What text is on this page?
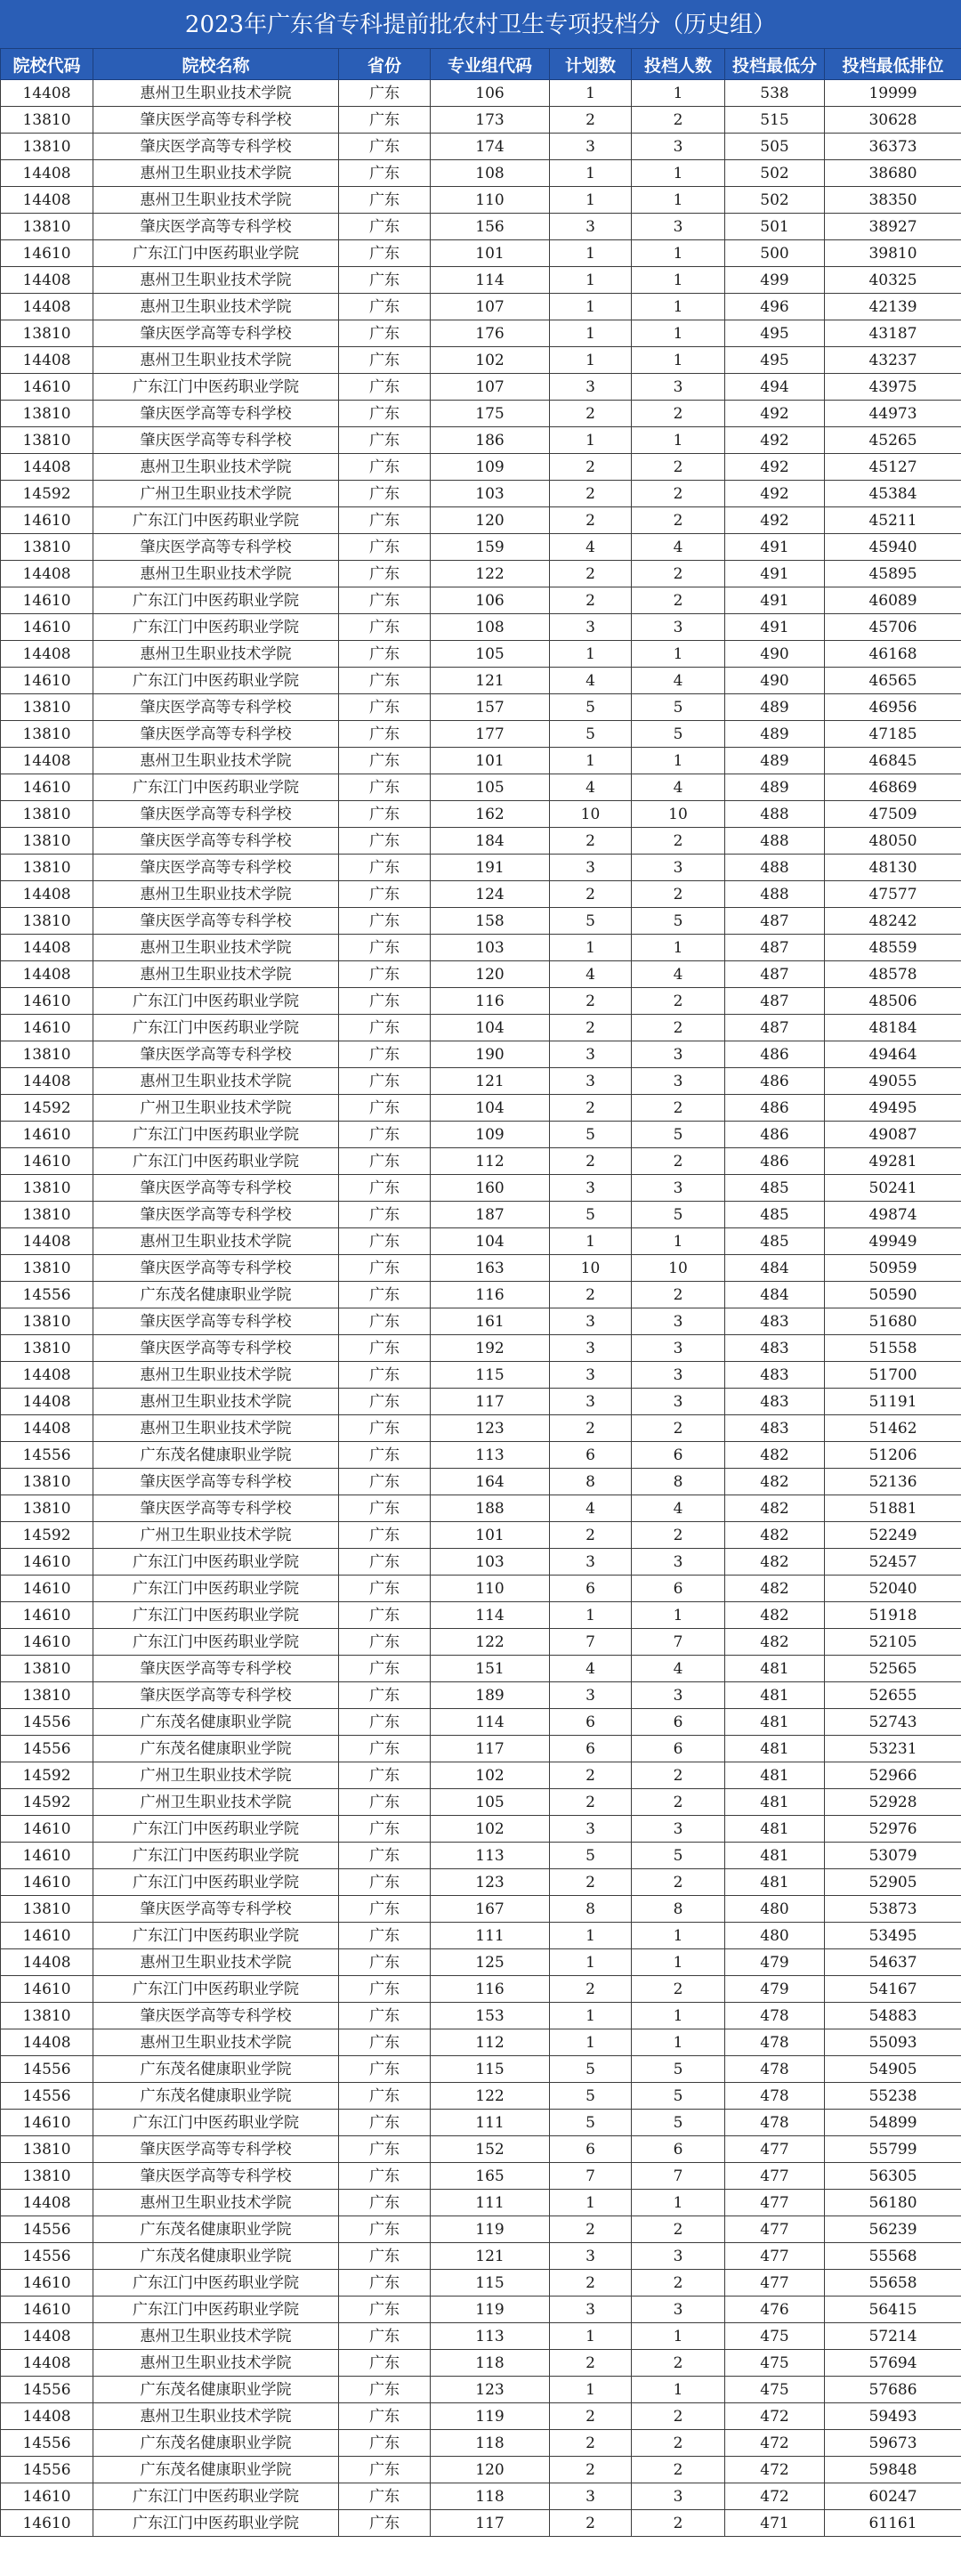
2023年广东省专科提前批农村卫生专项投档分（历史组）
院校代码	院校名称	省份	专业组代码	计划数	投档人数	投档最低分	投档最低排位
14408	惠州卫生职业技术学院	广东	106	1	1	538	19999
13810	肇庆医学高等专科学校	广东	173	2	2	515	30628
13810	肇庆医学高等专科学校	广东	174	3	3	505	36373
14408	惠州卫生职业技术学院	广东	108	1	1	502	38680
14408	惠州卫生职业技术学院	广东	110	1	1	502	38350
13810	肇庆医学高等专科学校	广东	156	3	3	501	38927
14610	广东江门中医药职业学院	广东	101	1	1	500	39810
14408	惠州卫生职业技术学院	广东	114	1	1	499	40325
14408	惠州卫生职业技术学院	广东	107	1	1	496	42139
13810	肇庆医学高等专科学校	广东	176	1	1	495	43187
14408	惠州卫生职业技术学院	广东	102	1	1	495	43237
14610	广东江门中医药职业学院	广东	107	3	3	494	43975
13810	肇庆医学高等专科学校	广东	175	2	2	492	44973
13810	肇庆医学高等专科学校	广东	186	1	1	492	45265
14408	惠州卫生职业技术学院	广东	109	2	2	492	45127
14592	广州卫生职业技术学院	广东	103	2	2	492	45384
14610	广东江门中医药职业学院	广东	120	2	2	492	45211
13810	肇庆医学高等专科学校	广东	159	4	4	491	45940
14408	惠州卫生职业技术学院	广东	122	2	2	491	45895
14610	广东江门中医药职业学院	广东	106	2	2	491	46089
14610	广东江门中医药职业学院	广东	108	3	3	491	45706
14408	惠州卫生职业技术学院	广东	105	1	1	490	46168
14610	广东江门中医药职业学院	广东	121	4	4	490	46565
13810	肇庆医学高等专科学校	广东	157	5	5	489	46956
13810	肇庆医学高等专科学校	广东	177	5	5	489	47185
14408	惠州卫生职业技术学院	广东	101	1	1	489	46845
14610	广东江门中医药职业学院	广东	105	4	4	489	46869
13810	肇庆医学高等专科学校	广东	162	10	10	488	47509
13810	肇庆医学高等专科学校	广东	184	2	2	488	48050
13810	肇庆医学高等专科学校	广东	191	3	3	488	48130
14408	惠州卫生职业技术学院	广东	124	2	2	488	47577
13810	肇庆医学高等专科学校	广东	158	5	5	487	48242
14408	惠州卫生职业技术学院	广东	103	1	1	487	48559
14408	惠州卫生职业技术学院	广东	120	4	4	487	48578
14610	广东江门中医药职业学院	广东	116	2	2	487	48506
14610	广东江门中医药职业学院	广东	104	2	2	487	48184
13810	肇庆医学高等专科学校	广东	190	3	3	486	49464
14408	惠州卫生职业技术学院	广东	121	3	3	486	49055
14592	广州卫生职业技术学院	广东	104	2	2	486	49495
14610	广东江门中医药职业学院	广东	109	5	5	486	49087
14610	广东江门中医药职业学院	广东	112	2	2	486	49281
13810	肇庆医学高等专科学校	广东	160	3	3	485	50241
13810	肇庆医学高等专科学校	广东	187	5	5	485	49874
14408	惠州卫生职业技术学院	广东	104	1	1	485	49949
13810	肇庆医学高等专科学校	广东	163	10	10	484	50959
14556	广东茂名健康职业学院	广东	116	2	2	484	50590
13810	肇庆医学高等专科学校	广东	161	3	3	483	51680
13810	肇庆医学高等专科学校	广东	192	3	3	483	51558
14408	惠州卫生职业技术学院	广东	115	3	3	483	51700
14408	惠州卫生职业技术学院	广东	117	3	3	483	51191
14408	惠州卫生职业技术学院	广东	123	2	2	483	51462
14556	广东茂名健康职业学院	广东	113	6	6	482	51206
13810	肇庆医学高等专科学校	广东	164	8	8	482	52136
13810	肇庆医学高等专科学校	广东	188	4	4	482	51881
14592	广州卫生职业技术学院	广东	101	2	2	482	52249
14610	广东江门中医药职业学院	广东	103	3	3	482	52457
14610	广东江门中医药职业学院	广东	110	6	6	482	52040
14610	广东江门中医药职业学院	广东	114	1	1	482	51918
14610	广东江门中医药职业学院	广东	122	7	7	482	52105
13810	肇庆医学高等专科学校	广东	151	4	4	481	52565
13810	肇庆医学高等专科学校	广东	189	3	3	481	52655
14556	广东茂名健康职业学院	广东	114	6	6	481	52743
14556	广东茂名健康职业学院	广东	117	6	6	481	53231
14592	广州卫生职业技术学院	广东	102	2	2	481	52966
14592	广州卫生职业技术学院	广东	105	2	2	481	52928
14610	广东江门中医药职业学院	广东	102	3	3	481	52976
14610	广东江门中医药职业学院	广东	113	5	5	481	53079
14610	广东江门中医药职业学院	广东	123	2	2	481	52905
13810	肇庆医学高等专科学校	广东	167	8	8	480	53873
14610	广东江门中医药职业学院	广东	111	1	1	480	53495
14408	惠州卫生职业技术学院	广东	125	1	1	479	54637
14610	广东江门中医药职业学院	广东	116	2	2	479	54167
13810	肇庆医学高等专科学校	广东	153	1	1	478	54883
14408	惠州卫生职业技术学院	广东	112	1	1	478	55093
14556	广东茂名健康职业学院	广东	115	5	5	478	54905
14556	广东茂名健康职业学院	广东	122	5	5	478	55238
14610	广东江门中医药职业学院	广东	111	5	5	478	54899
13810	肇庆医学高等专科学校	广东	152	6	6	477	55799
13810	肇庆医学高等专科学校	广东	165	7	7	477	56305
14408	惠州卫生职业技术学院	广东	111	1	1	477	56180
14556	广东茂名健康职业学院	广东	119	2	2	477	56239
14556	广东茂名健康职业学院	广东	121	3	3	477	55568
14610	广东江门中医药职业学院	广东	115	2	2	477	55658
14610	广东江门中医药职业学院	广东	119	3	3	476	56415
14408	惠州卫生职业技术学院	广东	113	1	1	475	57214
14408	惠州卫生职业技术学院	广东	118	2	2	475	57694
14556	广东茂名健康职业学院	广东	123	1	1	475	57686
14408	惠州卫生职业技术学院	广东	119	2	2	472	59493
14556	广东茂名健康职业学院	广东	118	2	2	472	59673
14556	广东茂名健康职业学院	广东	120	2	2	472	59848
14610	广东江门中医药职业学院	广东	118	3	3	472	60247
14610	广东江门中医药职业学院	广东	117	2	2	471	61161
